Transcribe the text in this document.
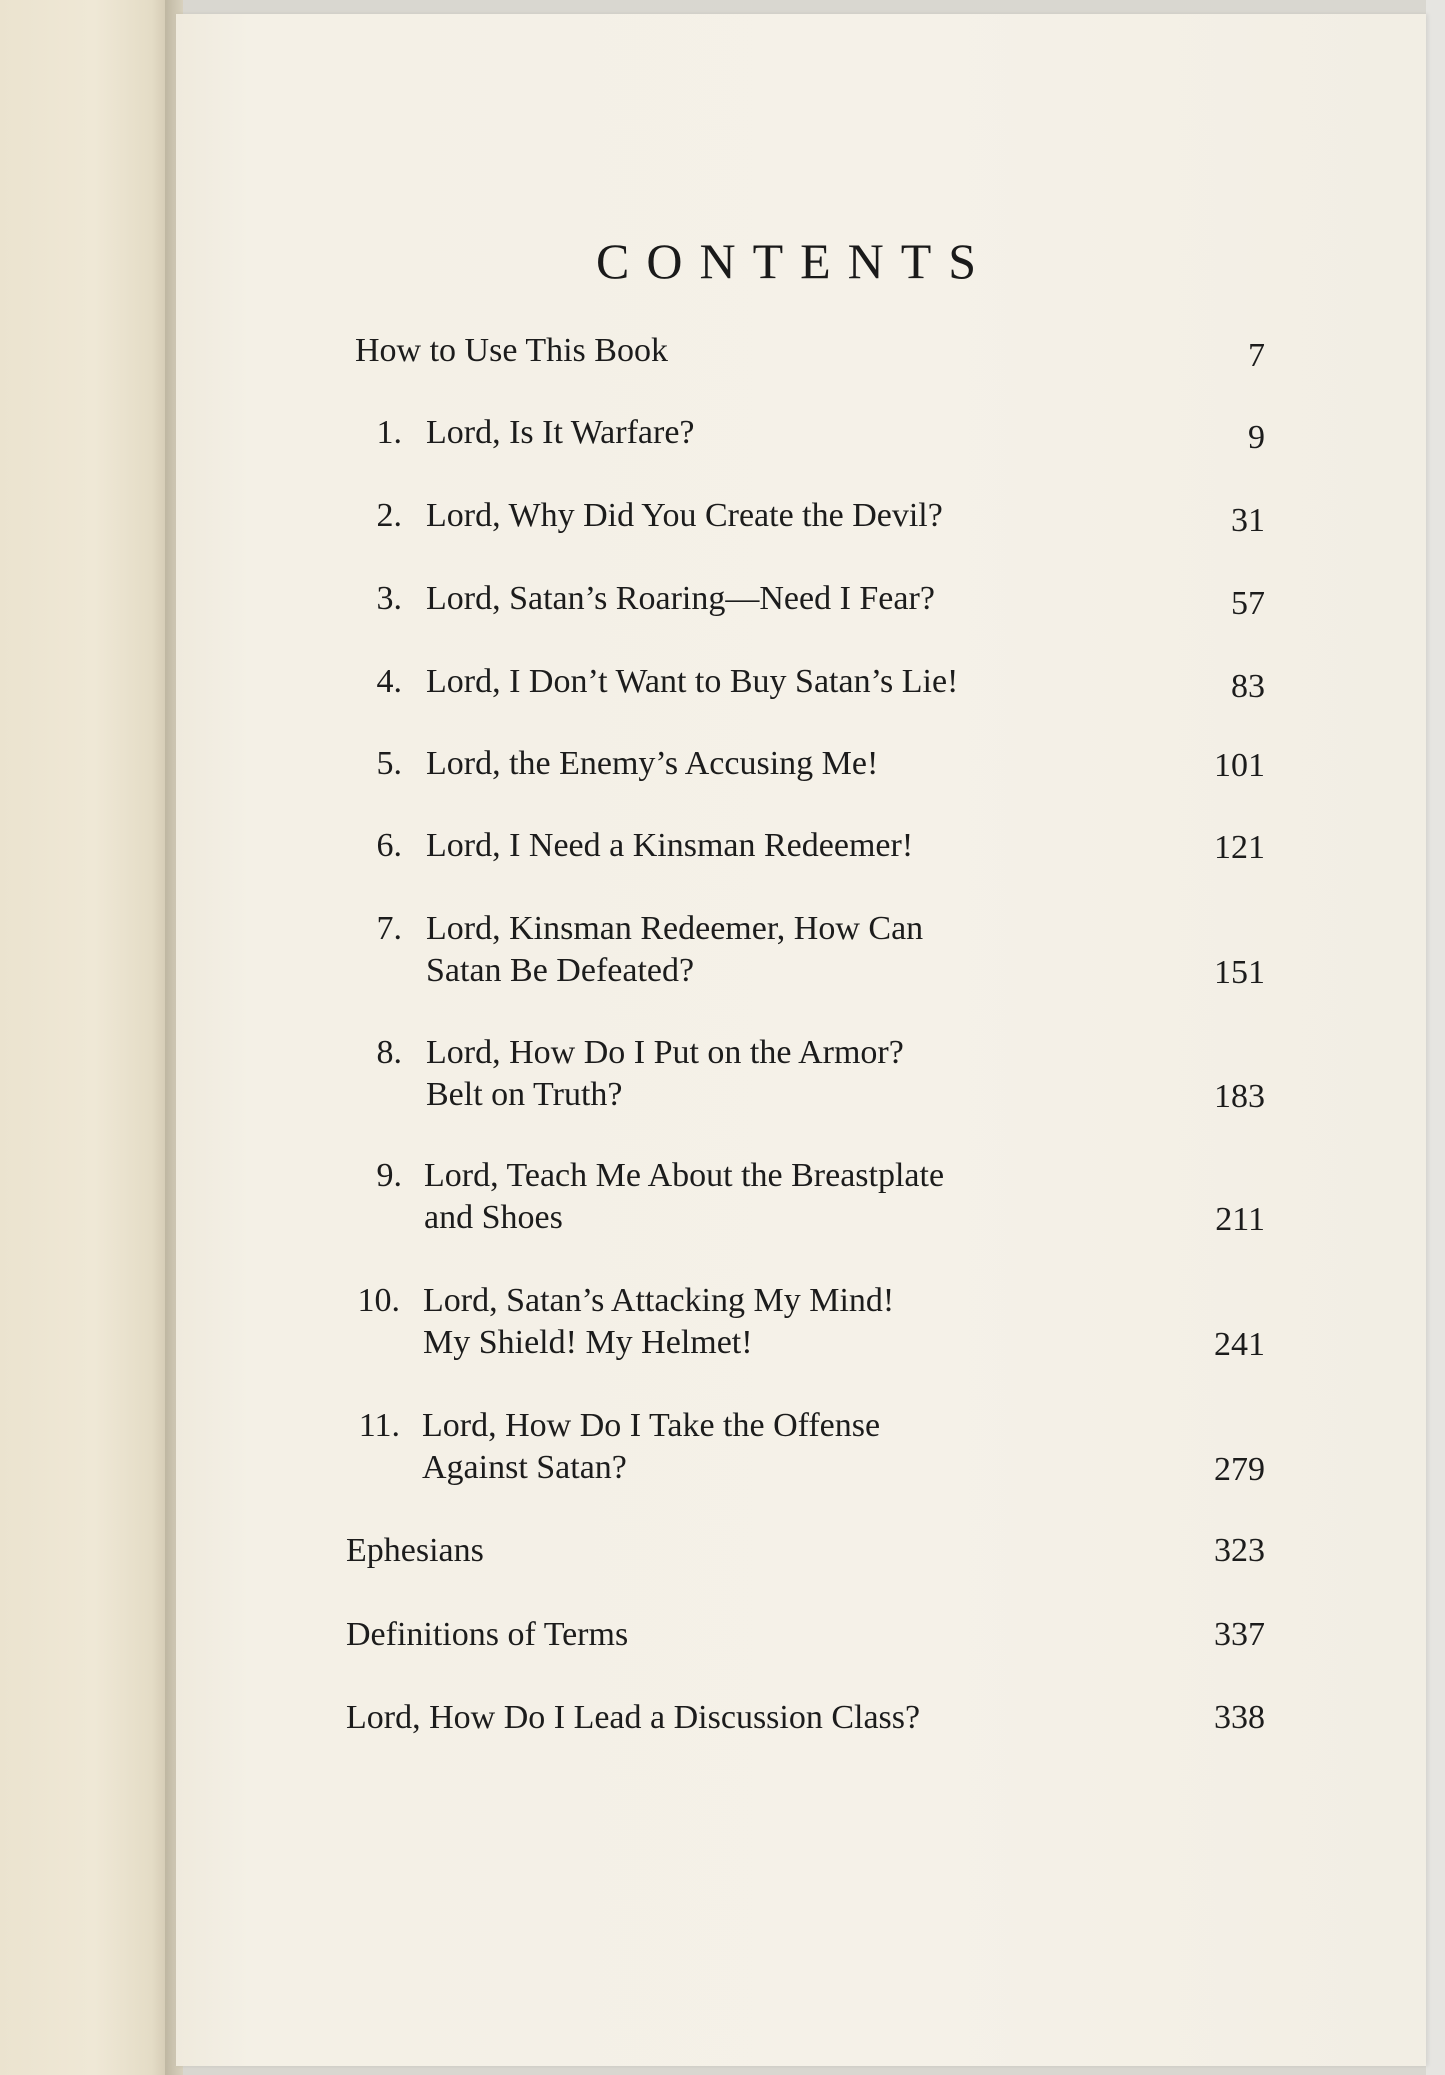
CONTENTS
How to Use This Book	7
1. Lord, Is It Warfare?	9
2. Lord, Why Did You Create the Devil?	31
3. Lord, Satan’s Roaring—Need I Fear?	57
4. Lord, I Don’t Want to Buy Satan’s Lie!	83
5. Lord, the Enemy’s Accusing Me!	101
6. Lord, I Need a Kinsman Redeemer!	121
7. Lord, Kinsman Redeemer, How Can
Satan Be Defeated?	151
8. Lord, How Do I Put on the Armor?
Belt on Truth?	183
9. Lord, Teach Me About the Breastplate
and Shoes	211
10. Lord, Satan’s Attacking My Mind!
My Shield! My Helmet!	241
11. Lord, How Do I Take the Offense
Against Satan?	279
Ephesians	323
Definitions of Terms	337
Lord, How Do I Lead a Discussion Class?	338
